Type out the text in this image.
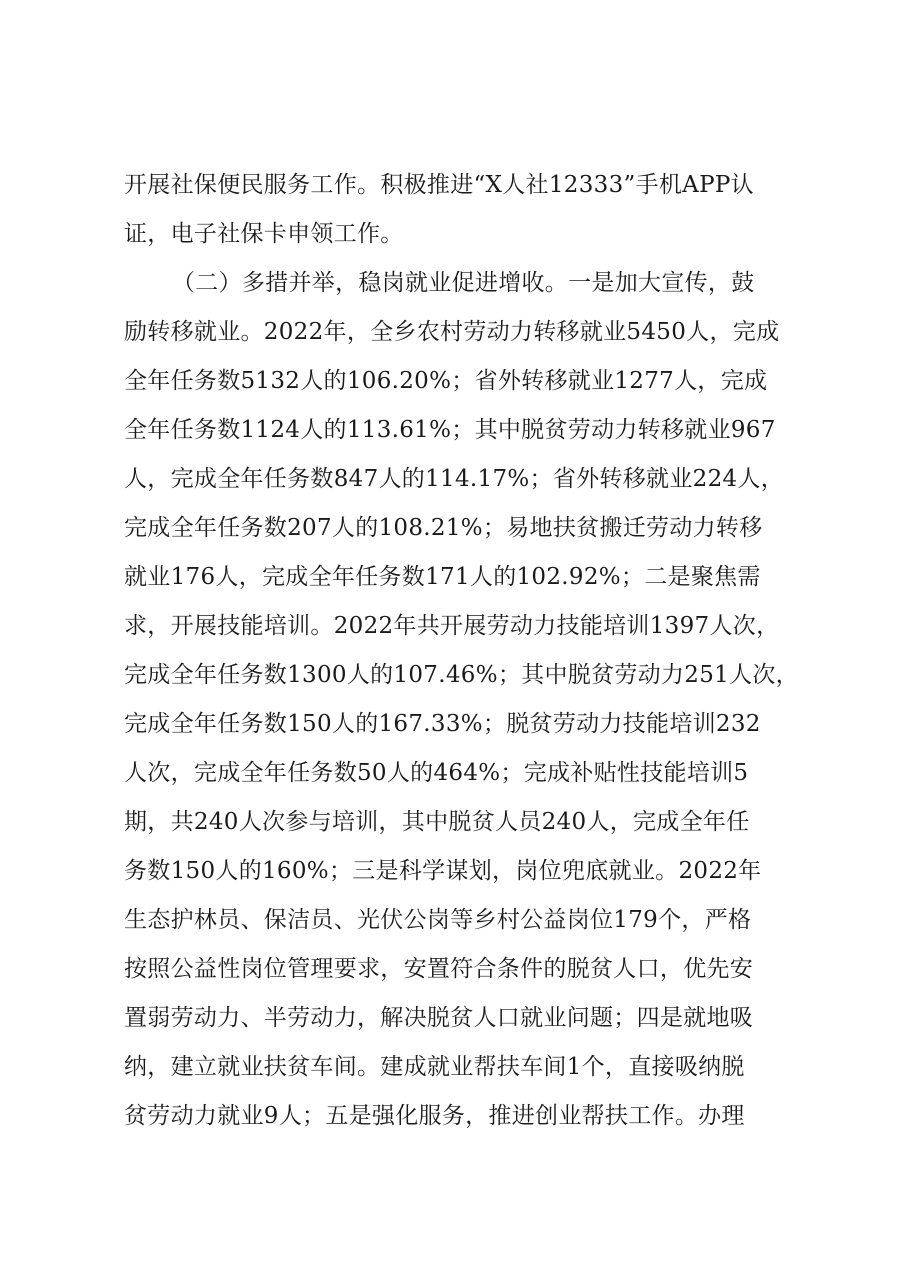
开展社保便民服务工作。积极推进“X人社12333”手机APP认
证，电子社保卡申领工作。
（二）多措并举，稳岗就业促进增收。一是加大宣传，鼓
励转移就业。2022年，全乡农村劳动力转移就业5450人，完成
全年任务数5132人的106.20%；省外转移就业1277人，完成
全年任务数1124人的113.61%；其中脱贫劳动力转移就业967
人，完成全年任务数847人的114.17%；省外转移就业224人，
完成全年任务数207人的108.21%；易地扶贫搬迁劳动力转移
就业176人，完成全年任务数171人的102.92%；二是聚焦需
求，开展技能培训。2022年共开展劳动力技能培训1397人次，
完成全年任务数1300人的107.46%；其中脱贫劳动力251人次，
完成全年任务数150人的167.33%；脱贫劳动力技能培训232
人次，完成全年任务数50人的464%；完成补贴性技能培训5
期，共240人次参与培训，其中脱贫人员240人，完成全年任
务数150人的160%；三是科学谋划，岗位兜底就业。2022年
生态护林员、保洁员、光伏公岗等乡村公益岗位179个，严格
按照公益性岗位管理要求，安置符合条件的脱贫人口，优先安
置弱劳动力、半劳动力，解决脱贫人口就业问题；四是就地吸
纳，建立就业扶贫车间。建成就业帮扶车间1个，直接吸纳脱
贫劳动力就业9人；五是强化服务，推进创业帮扶工作。办理
